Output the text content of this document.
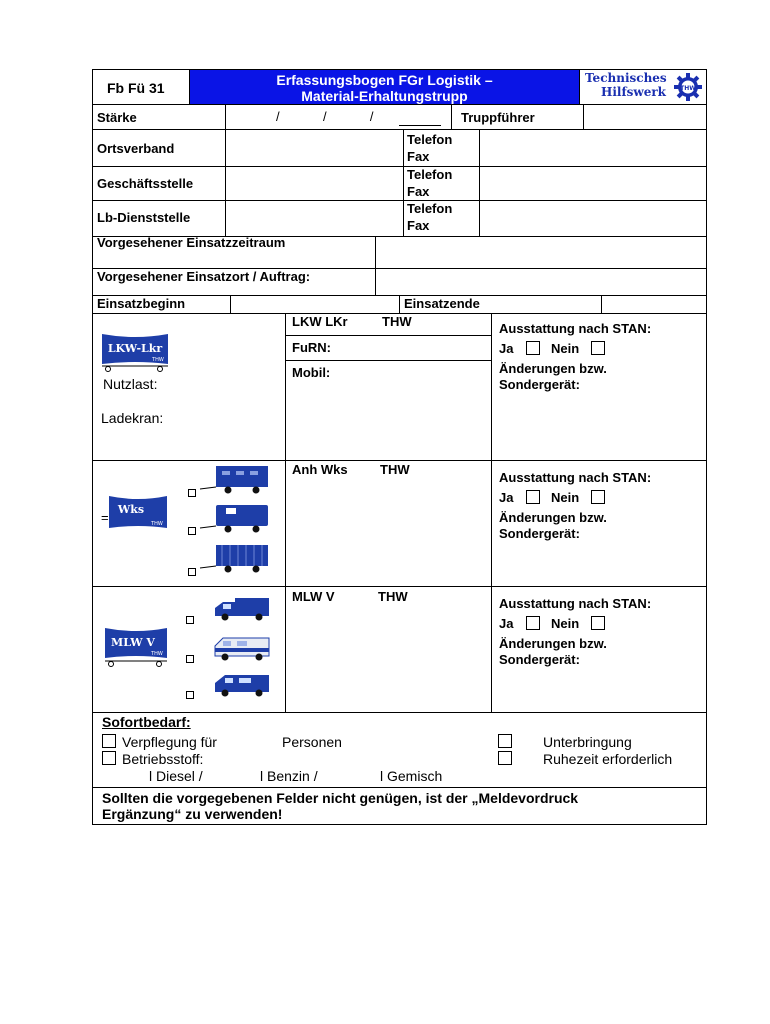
Fb Fü 31	Erfassungsbogen FGr Logistik –
Material-Erhaltungstrupp
Technisches
Hilfswerk THW
Stärke	/            /            /	Truppführer
Ortsverband
Telefon
Fax
Geschäftsstelle
Telefon
Fax
Lb-Dienststelle
Telefon
Fax
Vorgesehener Einsatzzeitraum
Vorgesehener Einsatzort / Auftrag:
Einsatzbeginn	Einsatzende
LKW-Lkr
THW
Nutzlast:
Ladekran:
LKW LKr	THW
FuRN:
Mobil:
Ausstattung nach STAN:
Ja	Nein
Änderungen bzw.
Sondergerät:
=
Wks
THW
Anh Wks THW
Ausstattung nach STAN:
Ja	Nein
Änderungen bzw.
Sondergerät:
MLW V
THW
MLW V	THW	Ausstattung nach STAN:
Ja	Nein
Änderungen bzw.
Sondergerät:
Sofortbedarf:
Verpflegung für	Personen	Unterbringung
Betriebsstoff:	Ruhezeit erforderlich
l Diesel /	l Benzin /	l Gemisch
Sollten die vorgegebenen Felder nicht genügen, ist der „Meldevordruck
Ergänzung“ zu verwenden!
